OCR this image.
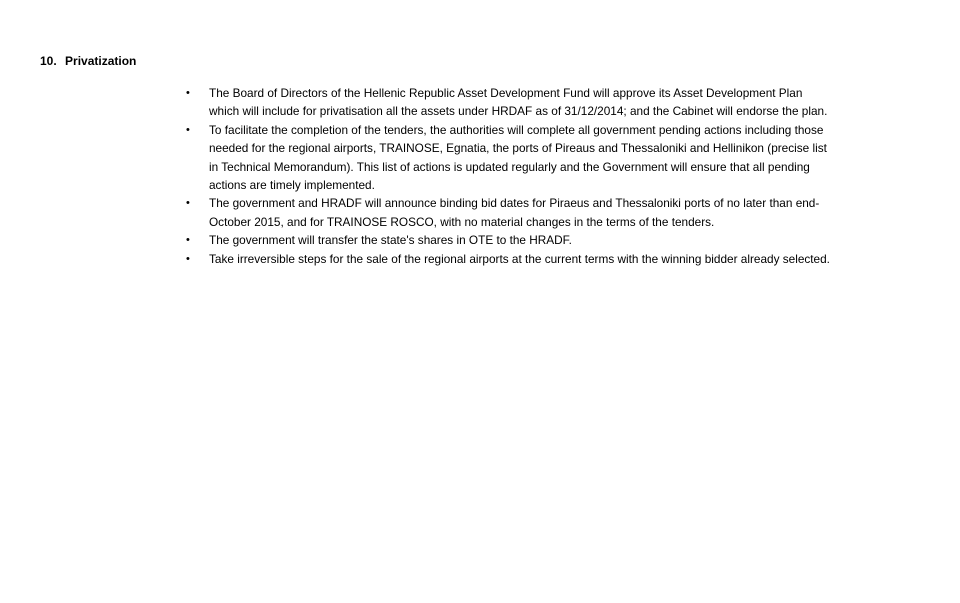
10. Privatization
• The Board of Directors of the Hellenic Republic Asset Development Fund will approve its Asset Development Plan which will include for privatisation all the assets under HRDAF as of 31/12/2014; and the Cabinet will endorse the plan.
• To facilitate the completion of the tenders, the authorities will complete all government pending actions including those needed for the regional airports, TRAINOSE, Egnatia, the ports of Pireaus and Thessaloniki and Hellinikon (precise list in Technical Memorandum). This list of actions is updated regularly and the Government will ensure that all pending actions are timely implemented.
• The government and HRADF will announce binding bid dates for Piraeus and Thessaloniki ports of no later than end-October 2015, and for TRAINOSE ROSCO, with no material changes in the terms of the tenders.
• The government will transfer the state's shares in OTE to the HRADF.
• Take irreversible steps for the sale of the regional airports at the current terms with the winning bidder already selected.
